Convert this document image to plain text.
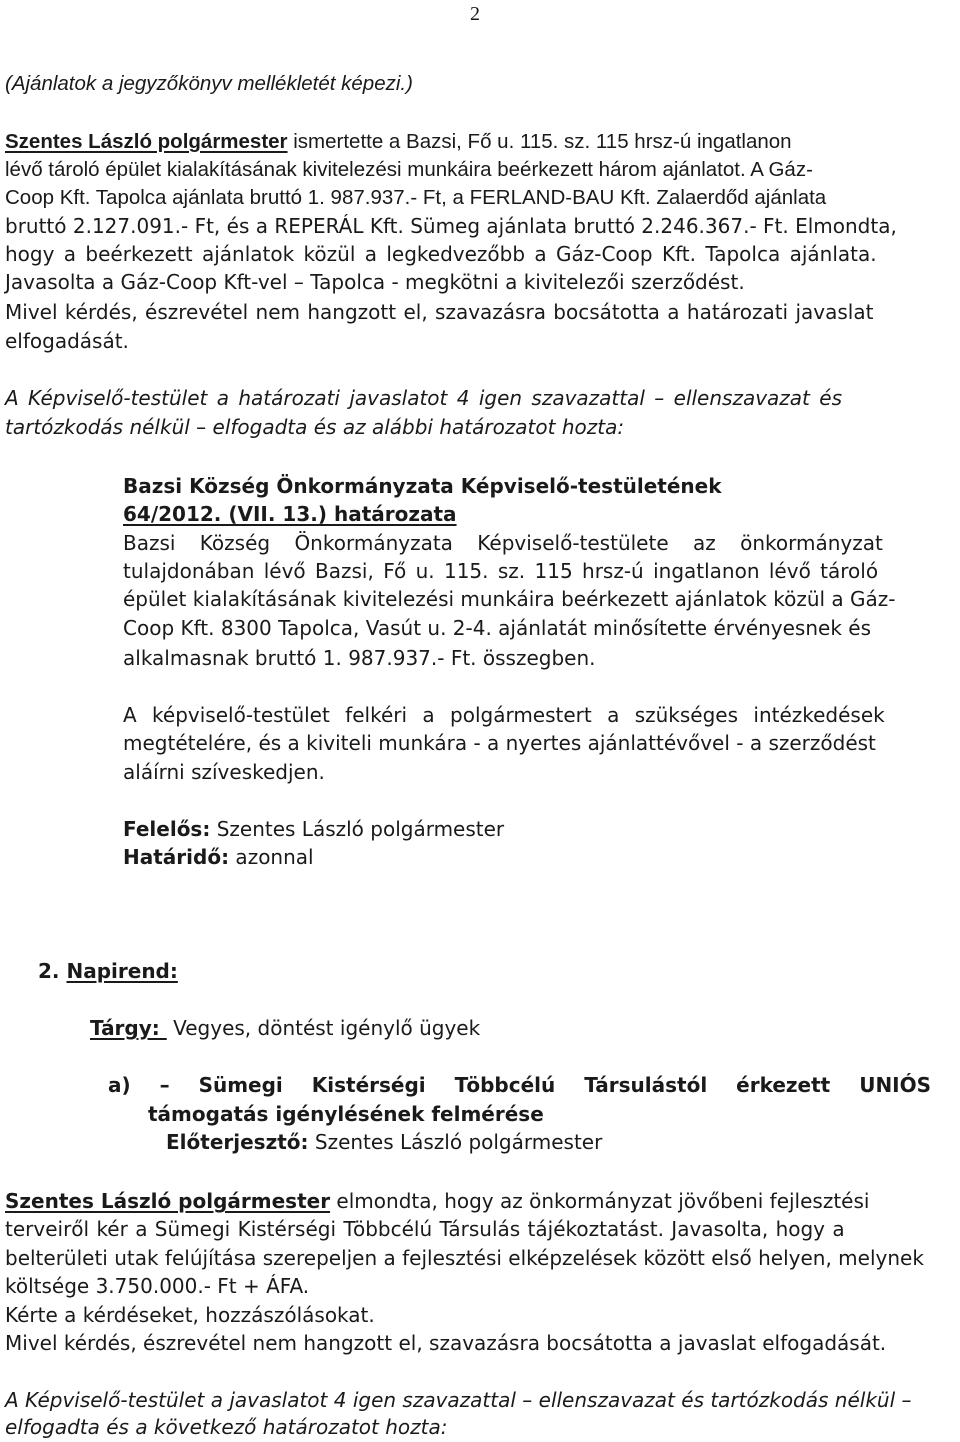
2
(Ajánlatok a jegyzőkönyv mellékletét képezi.)
Szentes László polgármester ismertette a Bazsi, Fő u. 115. sz. 115 hrsz-ú ingatlanon
lévő tároló épület kialakításának kivitelezési munkáira beérkezett három ajánlatot. A Gáz-
Coop Kft. Tapolca ajánlata bruttó 1. 987.937.- Ft, a FERLAND-BAU Kft. Zalaerdőd ajánlata
bruttó 2.127.091.- Ft, és a REPERÁL Kft. Sümeg ajánlata bruttó 2.246.367.- Ft. Elmondta,
hogy a beérkezett ajánlatok közül a legkedvezőbb a Gáz-Coop Kft. Tapolca ajánlata.
Javasolta a Gáz-Coop Kft-vel – Tapolca - megkötni a kivitelezői szerződést.
Mivel kérdés, észrevétel nem hangzott el, szavazásra bocsátotta a határozati javaslat
elfogadását.
A Képviselő-testület a határozati javaslatot 4 igen szavazattal – ellenszavazat és
tartózkodás nélkül – elfogadta és az alábbi határozatot hozta:
Bazsi Község Önkormányzata Képviselő-testületének
64/2012. (VII. 13.) határozata
Bazsi Község Önkormányzata Képviselő-testülete az önkormányzat
tulajdonában lévő Bazsi, Fő u. 115. sz. 115 hrsz-ú ingatlanon lévő tároló
épület kialakításának kivitelezési munkáira beérkezett ajánlatok közül a Gáz-
Coop Kft. 8300 Tapolca, Vasút u. 2-4. ajánlatát minősítette érvényesnek és
alkalmasnak bruttó 1. 987.937.- Ft. összegben.
A képviselő-testület felkéri a polgármestert a szükséges intézkedések
megtételére, és a kiviteli munkára - a nyertes ajánlattévővel - a szerződést
aláírni szíveskedjen.
Felelős: Szentes László polgármester
Határidő: azonnal
2. Napirend:
Tárgy:  Vegyes, döntést igénylő ügyek
a) – Sümegi Kistérségi Többcélú Társulástól érkezett UNIÓS
támogatás igénylésének felmérése
Előterjesztő: Szentes László polgármester
Szentes László polgármester elmondta, hogy az önkormányzat jövőbeni fejlesztési
terveiről kér a Sümegi Kistérségi Többcélú Társulás tájékoztatást. Javasolta, hogy a
belterületi utak felújítása szerepeljen a fejlesztési elképzelések között első helyen, melynek
költsége 3.750.000.- Ft + ÁFA.
Kérte a kérdéseket, hozzászólásokat.
Mivel kérdés, észrevétel nem hangzott el, szavazásra bocsátotta a javaslat elfogadását.
A Képviselő-testület a javaslatot 4 igen szavazattal – ellenszavazat és tartózkodás nélkül –
elfogadta és a következő határozatot hozta:
